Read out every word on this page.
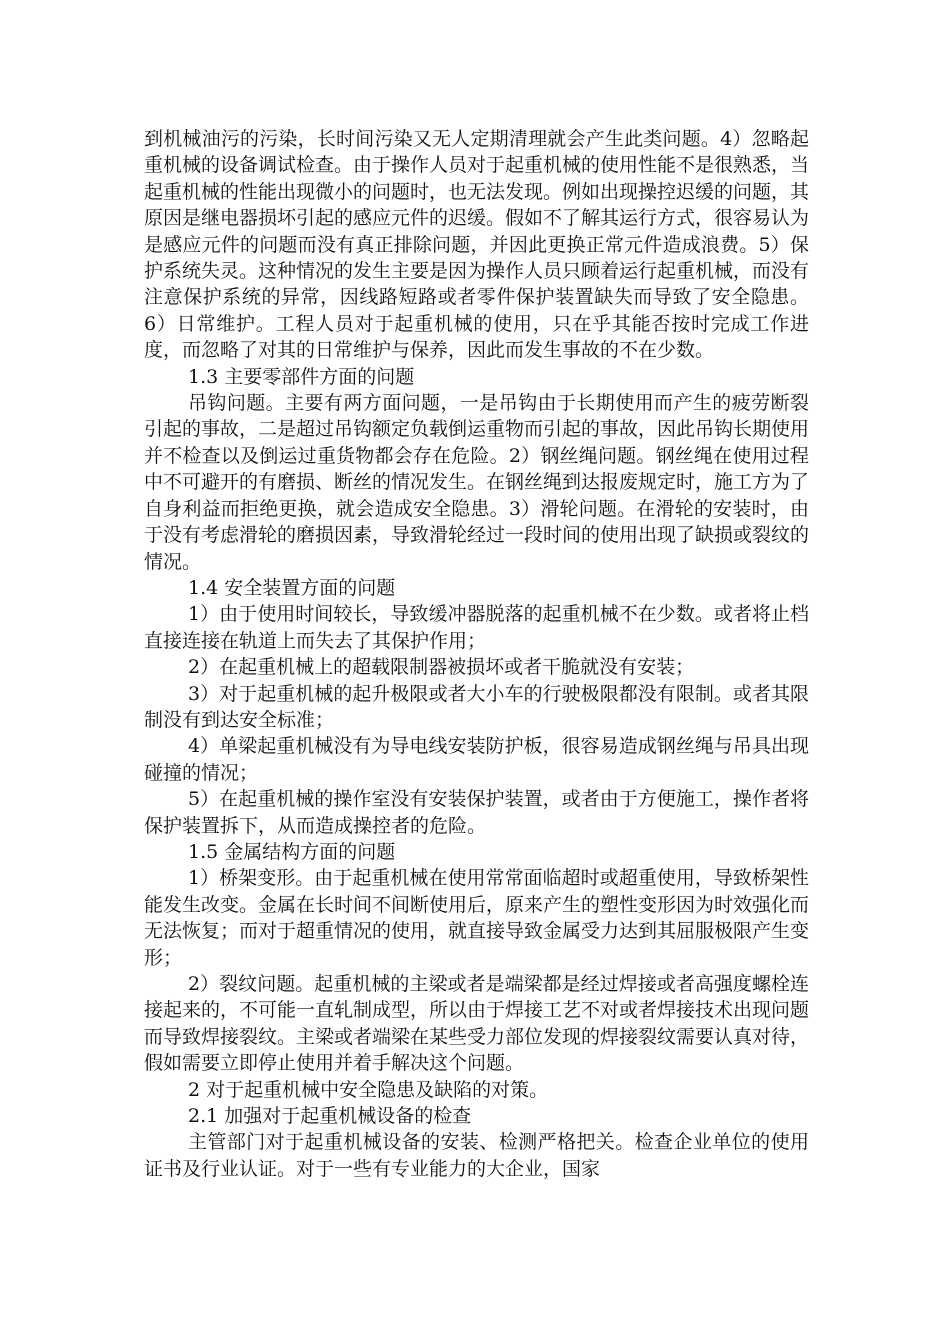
到机械油污的污染，长时间污染又无人定期清理就会产生此类问题。4）忽略起重机械的设备调试检查。由于操作人员对于起重机械的使用性能不是很熟悉，当起重机械的性能出现微小的问题时，也无法发现。例如出现操控迟缓的问题，其原因是继电器损坏引起的感应元件的迟缓。假如不了解其运行方式，很容易认为是感应元件的问题而没有真正排除问题，并因此更换正常元件造成浪费。5）保护系统失灵。这种情况的发生主要是因为操作人员只顾着运行起重机械，而没有注意保护系统的异常，因线路短路或者零件保护装置缺失而导致了安全隐患。6）日常维护。工程人员对于起重机械的使用，只在乎其能否按时完成工作进度，而忽略了对其的日常维护与保养，因此而发生事故的不在少数。

1.3 主要零部件方面的问题

吊钩问题。主要有两方面问题，一是吊钩由于长期使用而产生的疲劳断裂引起的事故，二是超过吊钩额定负载倒运重物而引起的事故，因此吊钩长期使用并不检查以及倒运过重货物都会存在危险。2）钢丝绳问题。钢丝绳在使用过程中不可避开的有磨损、断丝的情况发生。在钢丝绳到达报废规定时，施工方为了自身利益而拒绝更换，就会造成安全隐患。3）滑轮问题。在滑轮的安装时，由于没有考虑滑轮的磨损因素，导致滑轮经过一段时间的使用出现了缺损或裂纹的情况。

1.4 安全装置方面的问题

1）由于使用时间较长，导致缓冲器脱落的起重机械不在少数。或者将止档直接连接在轨道上而失去了其保护作用；

2）在起重机械上的超载限制器被损坏或者干脆就没有安装；

3）对于起重机械的起升极限或者大小车的行驶极限都没有限制。或者其限制没有到达安全标准；

4）单梁起重机械没有为导电线安装防护板，很容易造成钢丝绳与吊具出现碰撞的情况；

5）在起重机械的操作室没有安装保护装置，或者由于方便施工，操作者将保护装置拆下，从而造成操控者的危险。

1.5 金属结构方面的问题

1）桥架变形。由于起重机械在使用常常面临超时或超重使用，导致桥架性能发生改变。金属在长时间不间断使用后，原来产生的塑性变形因为时效强化而无法恢复；而对于超重情况的使用，就直接导致金属受力达到其屈服极限产生变形；

2）裂纹问题。起重机械的主梁或者是端梁都是经过焊接或者高强度螺栓连接起来的，不可能一直轧制成型，所以由于焊接工艺不对或者焊接技术出现问题而导致焊接裂纹。主梁或者端梁在某些受力部位发现的焊接裂纹需要认真对待，假如需要立即停止使用并着手解决这个问题。

2 对于起重机械中安全隐患及缺陷的对策。

2.1 加强对于起重机械设备的检查

主管部门对于起重机械设备的安装、检测严格把关。检查企业单位的使用证书及行业认证。对于一些有专业能力的大企业，国家
